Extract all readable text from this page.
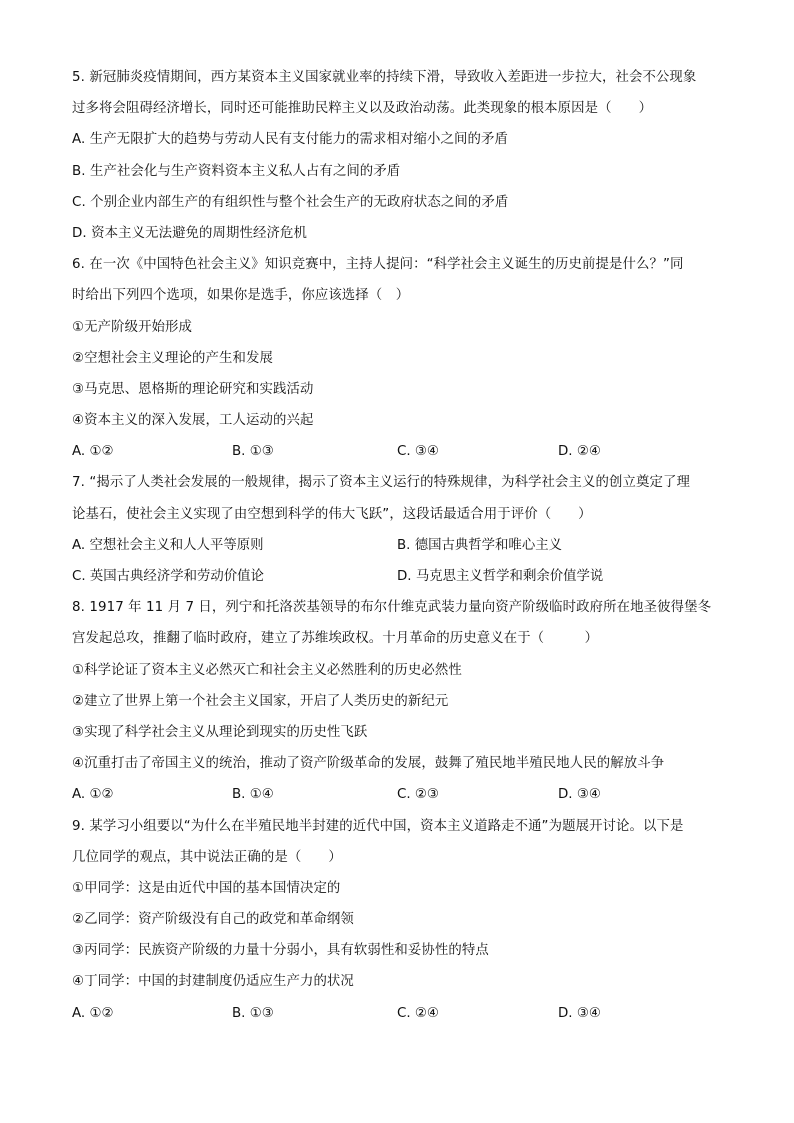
5. 新冠肺炎疫情期间，西方某资本主义国家就业率的持续下滑，导致收入差距进一步拉大，社会不公现象
过多将会阻碍经济增长，同时还可能推助民粹主义以及政治动荡。此类现象的根本原因是（　　）
A. 生产无限扩大的趋势与劳动人民有支付能力的需求相对缩小之间的矛盾
B. 生产社会化与生产资料资本主义私人占有之间的矛盾
C. 个别企业内部生产的有组织性与整个社会生产的无政府状态之间的矛盾
D. 资本主义无法避免的周期性经济危机
6. 在一次《中国特色社会主义》知识竞赛中，主持人提问：“科学社会主义诞生的历史前提是什么？”同
时给出下列四个选项，如果你是选手，你应该选择（　）
①无产阶级开始形成
②空想社会主义理论的产生和发展
③马克思、恩格斯的理论研究和实践活动
④资本主义的深入发展，工人运动的兴起
A. ①②	B. ①③	C. ③④	D. ②④
7. “揭示了人类社会发展的一般规律，揭示了资本主义运行的特殊规律，为科学社会主义的创立奠定了理
论基石，使社会主义实现了由空想到科学的伟大飞跃”，这段话最适合用于评价（　　）
A. 空想社会主义和人人平等原则	B. 德国古典哲学和唯心主义
C. 英国古典经济学和劳动价值论	D. 马克思主义哲学和剩余价值学说
8. 1917 年 11 月 7 日，列宁和托洛茨基领导的布尔什维克武装力量向资产阶级临时政府所在地圣彼得堡冬
宫发起总攻，推翻了临时政府，建立了苏维埃政权。十月革命的历史意义在于（　　　）
①科学论证了资本主义必然灭亡和社会主义必然胜利的历史必然性
②建立了世界上第一个社会主义国家，开启了人类历史的新纪元
③实现了科学社会主义从理论到现实的历史性飞跃
④沉重打击了帝国主义的统治，推动了资产阶级革命的发展，鼓舞了殖民地半殖民地人民的解放斗争
A. ①②	B. ①④	C. ②③	D. ③④
9. 某学习小组要以“为什么在半殖民地半封建的近代中国，资本主义道路走不通”为题展开讨论。以下是
几位同学的观点，其中说法正确的是（　　）
①甲同学：这是由近代中国的基本国情决定的
②乙同学：资产阶级没有自己的政党和革命纲领
③丙同学：民族资产阶级的力量十分弱小，具有软弱性和妥协性的特点
④丁同学：中国的封建制度仍适应生产力的状况
A. ①②	B. ①③	C. ②④	D. ③④
